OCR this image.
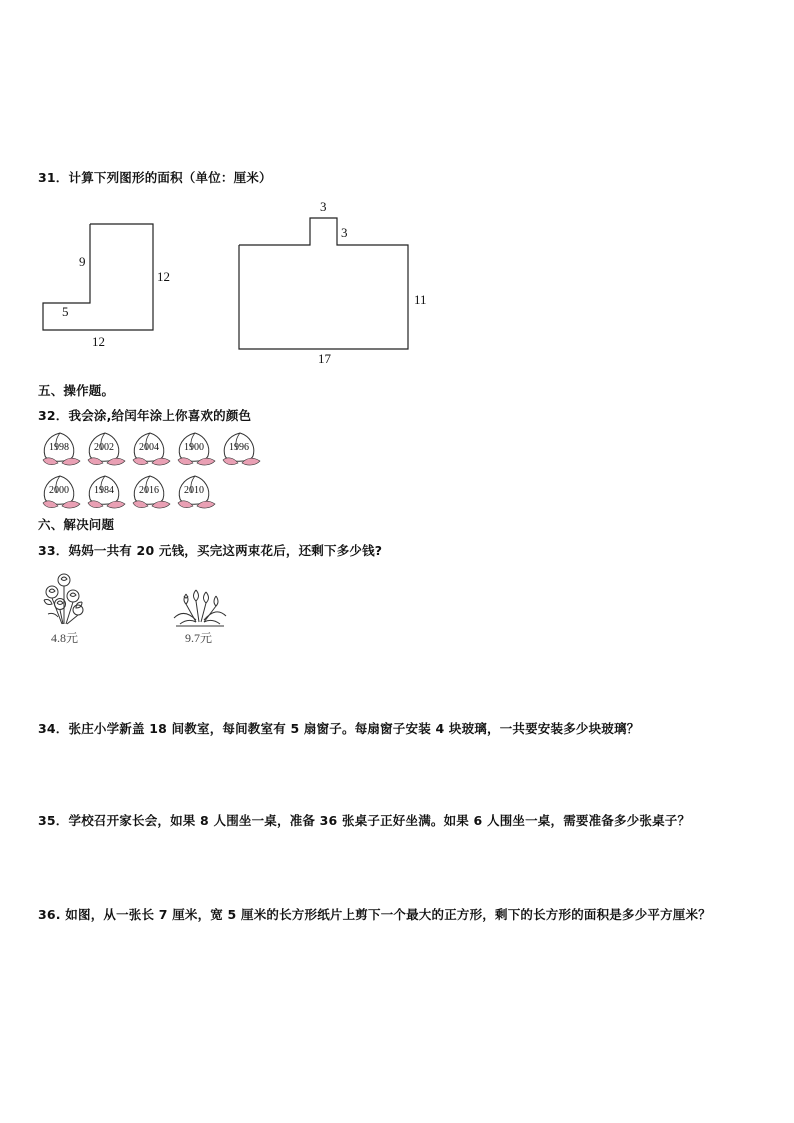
31．计算下列图形的面积（单位：厘米）
9
12
5
12
3
3
11
17
五、操作题。
32．我会涂,给闰年涂上你喜欢的颜色
1998	2002	2004	1900	1996
2000	1984	2016	2010
六、解决问题
33．妈妈一共有 20 元钱，买完这两束花后，还剩下多少钱?
4.8元	9.7元
34．张庄小学新盖 18 间教室，每间教室有 5 扇窗子。每扇窗子安装 4 块玻璃，一共要安装多少块玻璃？
35．学校召开家长会，如果 8 人围坐一桌，准备 36 张桌子正好坐满。如果 6 人围坐一桌，需要准备多少张桌子？
36. 如图，从一张长 7 厘米，宽 5 厘米的长方形纸片上剪下一个最大的正方形，剩下的长方形的面积是多少平方厘米？
